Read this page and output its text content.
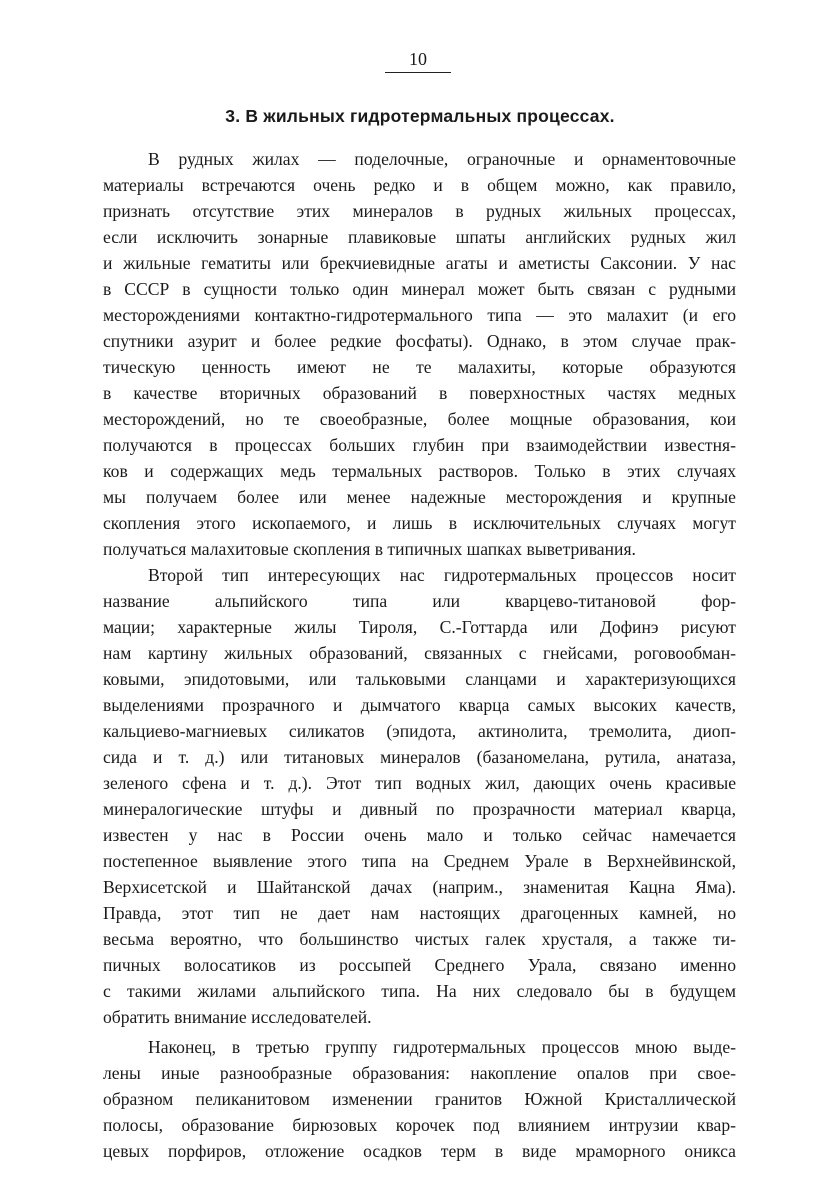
10
3. В жильных гидротермальных процессах.
В рудных жилах — поделочные, ограночные и орнаментовочные
материалы встречаются очень редко и в общем можно, как правило,
признать отсутствие этих минералов в рудных жильных процессах,
если исключить зонарные плавиковые шпаты английских рудных жил
и жильные гематиты или брекчиевидные агаты и аметисты Саксонии. У нас
в СССР в сущности только один минерал может быть связан с рудными
месторождениями контактно-гидротермального типа — это малахит (и его
спутники азурит и более редкие фосфаты). Однако, в этом случае прак-
тическую ценность имеют не те малахиты, которые образуются
в качестве вторичных образований в поверхностных частях медных
месторождений, но те своеобразные, более мощные образования, кои
получаются в процессах больших глубин при взаимодействии известня-
ков и содержащих медь термальных растворов. Только в этих случаях
мы получаем более или менее надежные месторождения и крупные
скопления этого ископаемого, и лишь в исключительных случаях могут
получаться малахитовые скопления в типичных шапках выветривания.
Второй тип интересующих нас гидротермальных процессов носит
название альпийского типа или кварцево-титановой фор-
мации; характерные жилы Тироля, С.-Готтарда или Дофинэ рисуют
нам картину жильных образований, связанных с гнейсами, роговообман-
ковыми, эпидотовыми, или тальковыми сланцами и характеризующихся
выделениями прозрачного и дымчатого кварца самых высоких качеств,
кальциево-магниевых силикатов (эпидота, актинолита, тремолита, диоп-
сида и т. д.) или титановых минералов (базаномелана, рутила, анатаза,
зеленого сфена и т. д.). Этот тип водных жил, дающих очень красивые
минералогические штуфы и дивный по прозрачности материал кварца,
известен у нас в России очень мало и только сейчас намечается
постепенное выявление этого типа на Среднем Урале в Верхнейвинской,
Верхисетской и Шайтанской дачах (наприм., знаменитая Кацна Яма).
Правда, этот тип не дает нам настоящих драгоценных камней, но
весьма вероятно, что большинство чистых галек хрусталя, а также ти-
пичных волосатиков из россыпей Среднего Урала, связано именно
с такими жилами альпийского типа. На них следовало бы в будущем
обратить внимание исследователей.
Наконец, в третью группу гидротермальных процессов мною выде-
лены иные разнообразные образования: накопление опалов при свое-
образном пеликанитовом изменении гранитов Южной Кристаллической
полосы, образование бирюзовых корочек под влиянием интрузии квар-
цевых порфиров, отложение осадков терм в виде мраморного оникса
